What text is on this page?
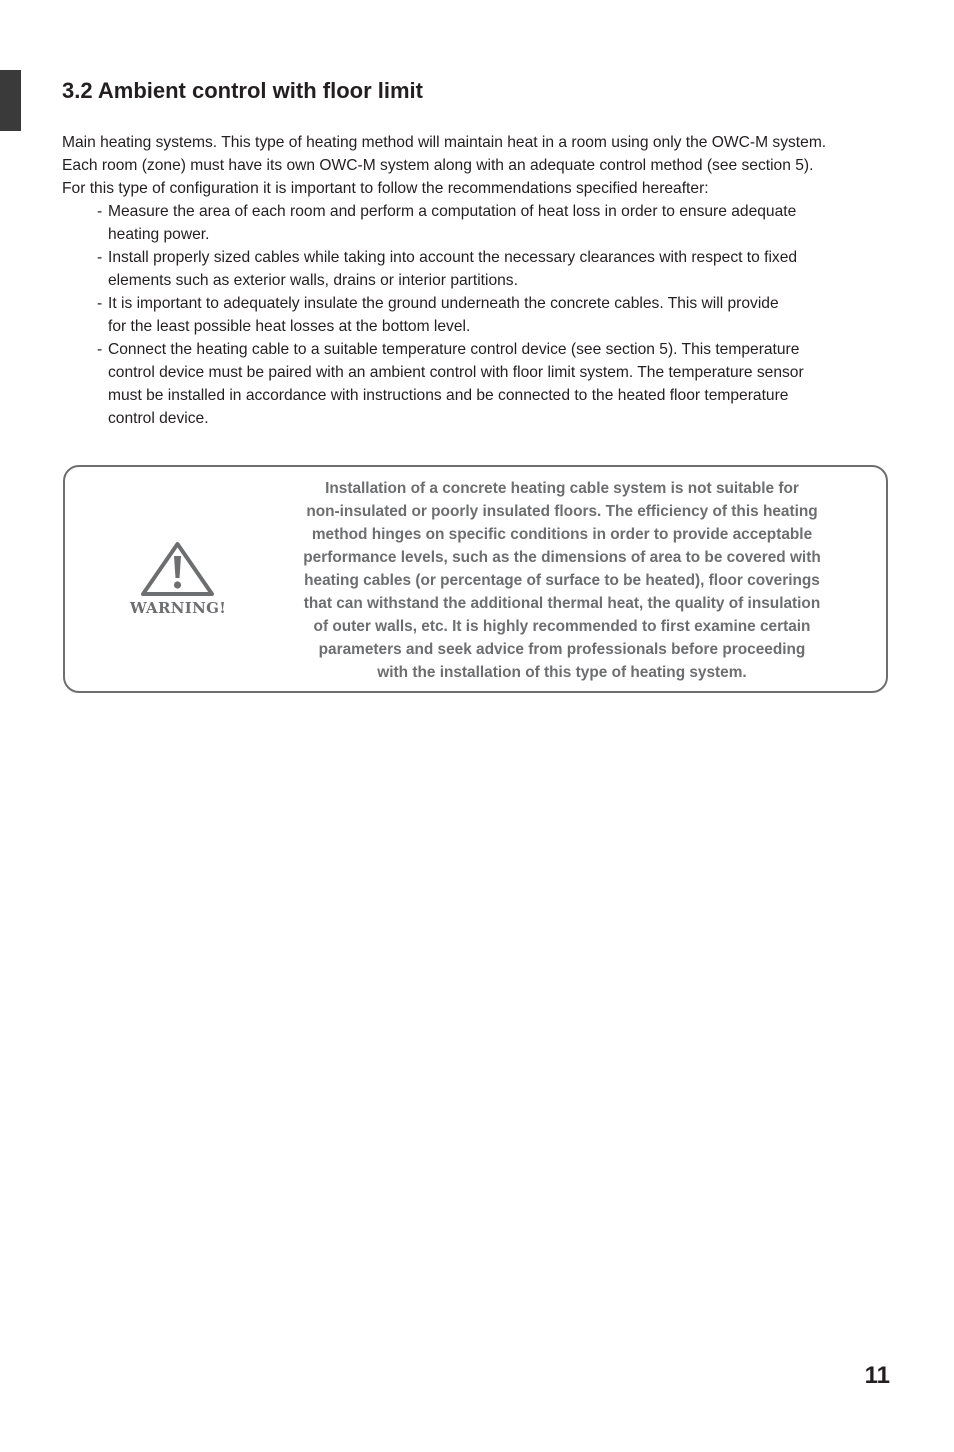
3.2 Ambient control with floor limit
Main heating systems. This type of heating method will maintain heat in a room using only the OWC-M system.
Each room (zone) must have its own OWC-M system along with an adequate control method (see section 5).
For this type of configuration it is important to follow the recommendations specified hereafter:
- Measure the area of each room and perform a computation of heat loss in order to ensure adequate
heating power.
- Install properly sized cables while taking into account the necessary clearances with respect to fixed
elements such as exterior walls, drains or interior partitions.
- It is important to adequately insulate the ground underneath the concrete cables. This will provide
for the least possible heat losses at the bottom level.
- Connect the heating cable to a suitable temperature control device (see section 5). This temperature
control device must be paired with an ambient control with floor limit system. The temperature sensor
must be installed in accordance with instructions and be connected to the heated floor temperature
control device.
WARNING!
Installation of a concrete heating cable system is not suitable for
non-insulated or poorly insulated floors. The efficiency of this heating
method hinges on specific conditions in order to provide acceptable
performance levels, such as the dimensions of area to be covered with
heating cables (or percentage of surface to be heated), floor coverings
that can withstand the additional thermal heat, the quality of insulation
of outer walls, etc. It is highly recommended to first examine certain
parameters and seek advice from professionals before proceeding
with the installation of this type of heating system.
11
